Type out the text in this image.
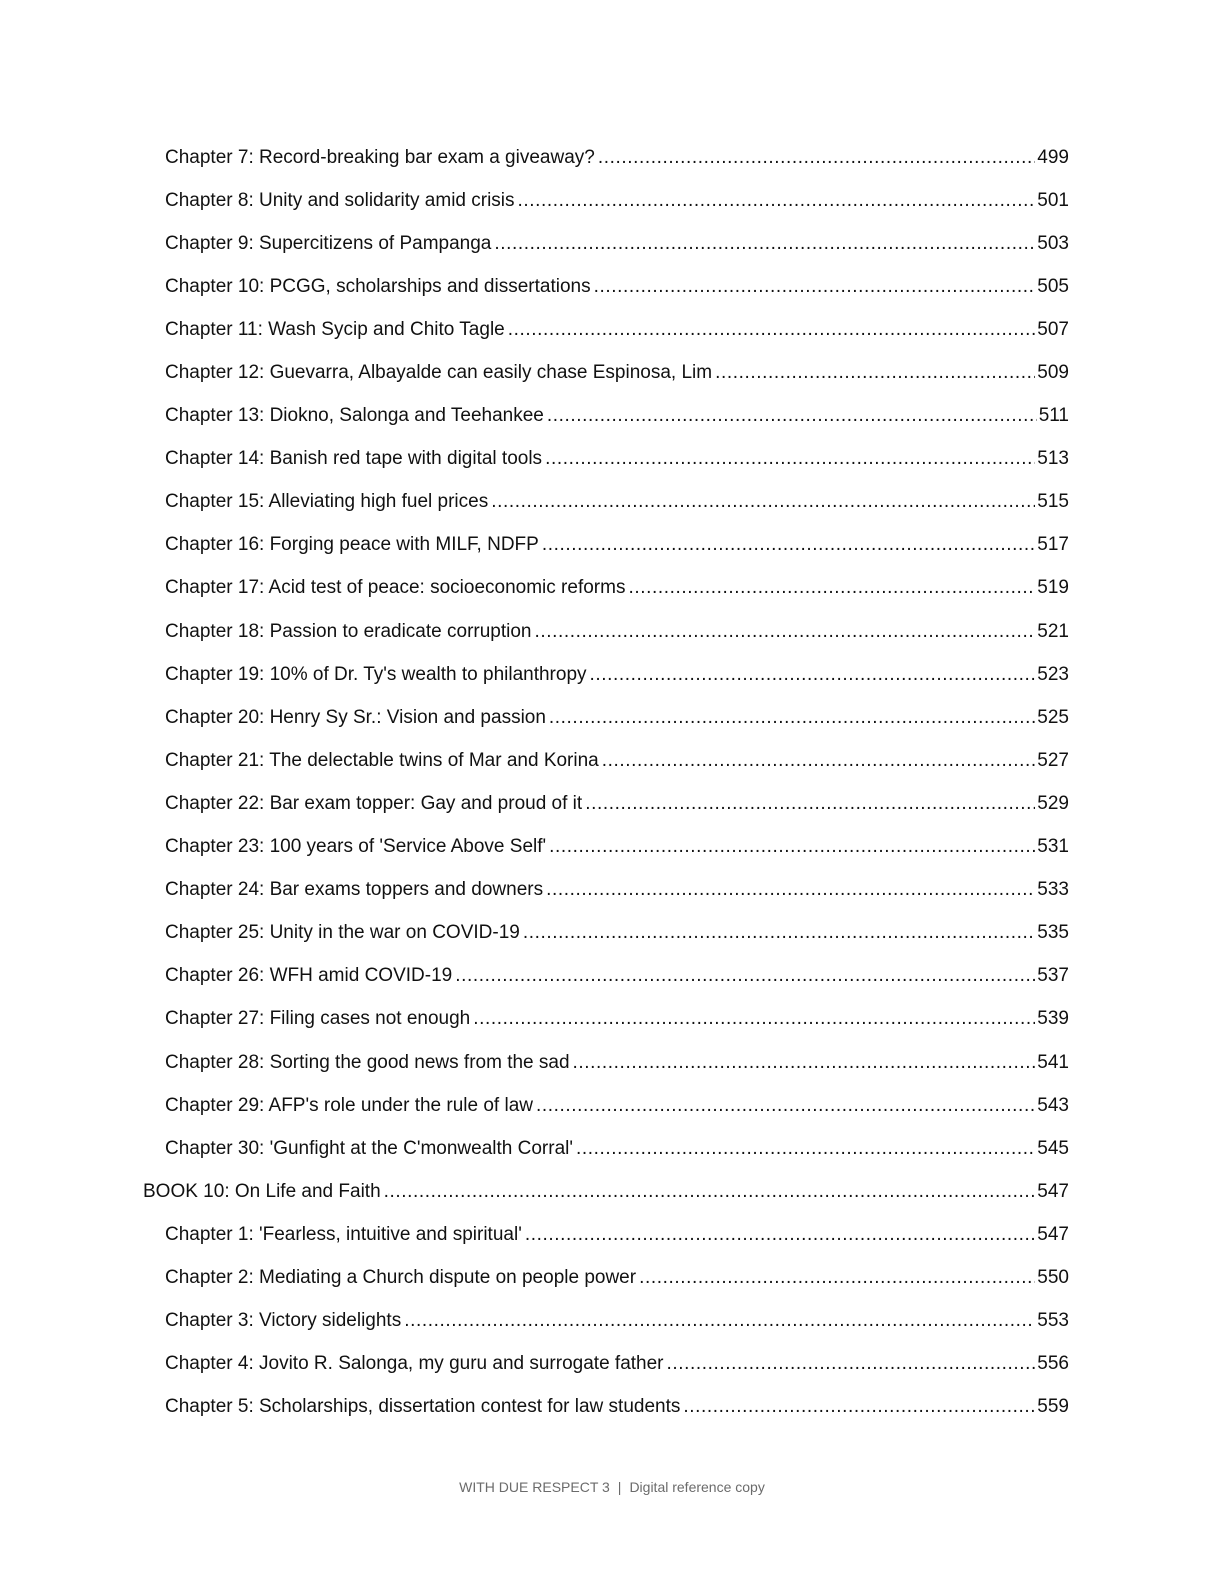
Chapter 7: Record-breaking bar exam a giveaway? .....	499
Chapter 8: Unity and solidarity amid crisis .....	501
Chapter 9: Supercitizens of Pampanga .....	503
Chapter 10: PCGG, scholarships and dissertations .....	505
Chapter 11: Wash Sycip and Chito Tagle .....	507
Chapter 12: Guevarra, Albayalde can easily chase Espinosa, Lim .....	509
Chapter 13: Diokno, Salonga and Teehankee .....	511
Chapter 14: Banish red tape with digital tools .....	513
Chapter 15: Alleviating high fuel prices .....	515
Chapter 16: Forging peace with MILF, NDFP .....	517
Chapter 17: Acid test of peace: socioeconomic reforms .....	519
Chapter 18: Passion to eradicate corruption .....	521
Chapter 19: 10% of Dr. Ty's wealth to philanthropy .....	523
Chapter 20: Henry Sy Sr.: Vision and passion .....	525
Chapter 21: The delectable twins of Mar and Korina .....	527
Chapter 22: Bar exam topper: Gay and proud of it .....	529
Chapter 23: 100 years of 'Service Above Self' .....	531
Chapter 24: Bar exams toppers and downers .....	533
Chapter 25: Unity in the war on COVID-19 .....	535
Chapter 26: WFH amid COVID-19 .....	537
Chapter 27: Filing cases not enough .....	539
Chapter 28: Sorting the good news from the sad .....	541
Chapter 29: AFP's role under the rule of law .....	543
Chapter 30: 'Gunfight at the C'monwealth Corral' .....	545
BOOK 10: On Life and Faith .....	547
Chapter 1: 'Fearless, intuitive and spiritual' .....	547
Chapter 2: Mediating a Church dispute on people power .....	550
Chapter 3: Victory sidelights .....	553
Chapter 4: Jovito R. Salonga, my guru and surrogate father .....	556
Chapter 5: Scholarships, dissertation contest for law students .....	559
WITH DUE RESPECT 3 | Digital reference copy
